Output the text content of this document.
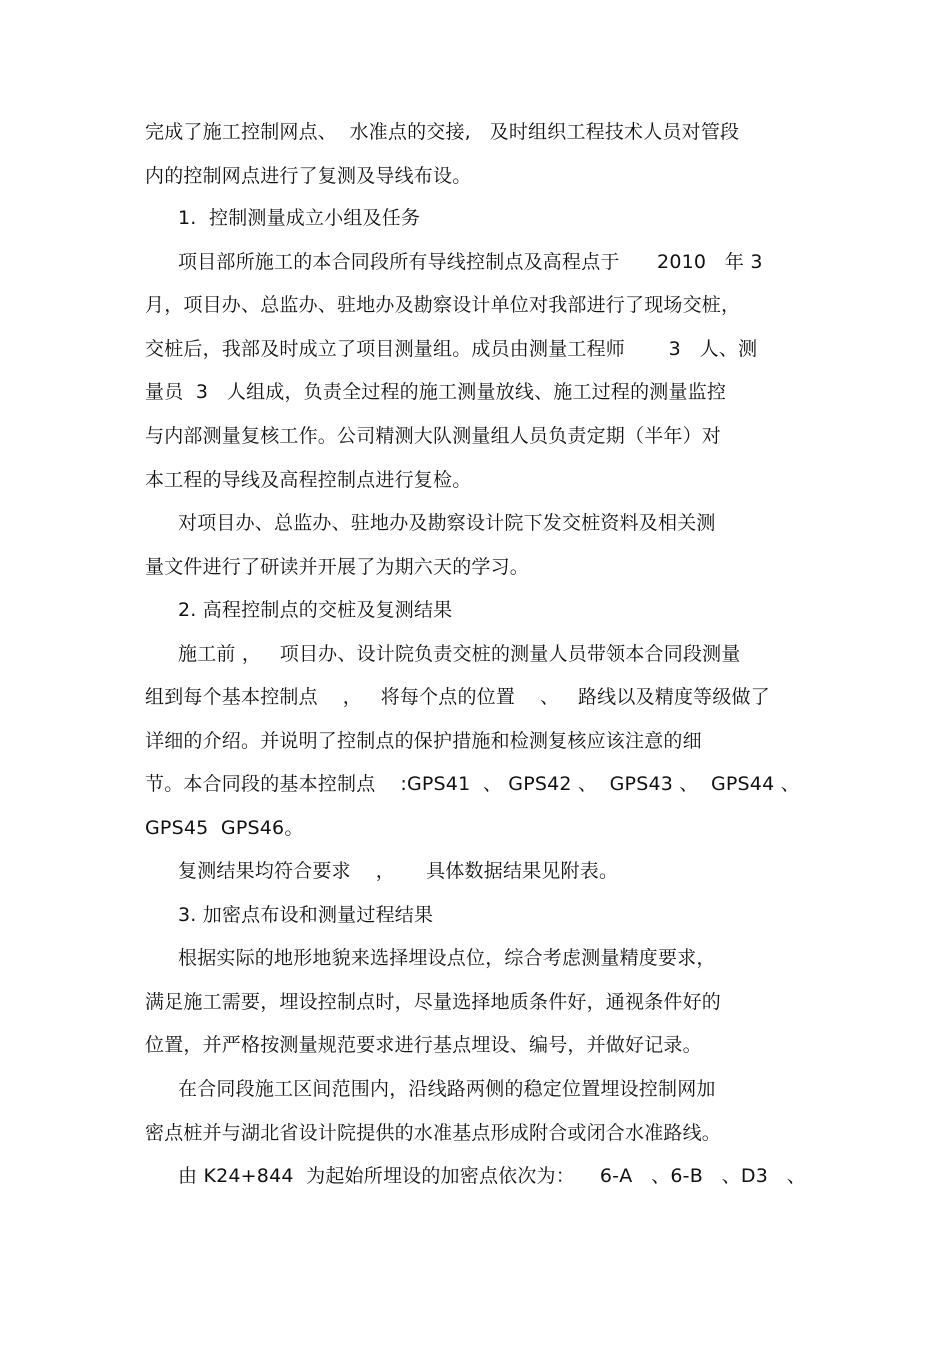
完成了施工控制网点、  水准点的交接,   及时组织工程技术人员对管段
内的控制网点进行了复测及导线布设。
1.  控制测量成立小组及任务
项目部所施工的本合同段所有导线控制点及高程点于      2010   年 3
月，项目办、总监办、驻地办及勘察设计单位对我部进行了现场交桩，
交桩后，我部及时成立了项目测量组。成员由测量工程师       3   人、测
量员  3   人组成，负责全过程的施工测量放线、施工过程的测量监控
与内部测量复核工作。公司精测大队测量组人员负责定期（半年）对
本工程的导线及高程控制点进行复检。
对项目办、总监办、驻地办及勘察设计院下发交桩资料及相关测
量文件进行了研读并开展了为期六天的学习。
2. 高程控制点的交桩及复测结果
施工前 ，   项目办、设计院负责交桩的测量人员带领本合同段测量
组到每个基本控制点    ，   将每个点的位置    、   路线以及精度等级做了
详细的介绍。并说明了控制点的保护措施和检测复核应该注意的细
节。本合同段的基本控制点    :GPS41  、 GPS42 、  GPS43 、  GPS44 、
GPS45  GPS46。
复测结果均符合要求    ，     具体数据结果见附表。
3. 加密点布设和测量过程结果
根据实际的地形地貌来选择埋设点位，综合考虑测量精度要求，
满足施工需要，埋设控制点时，尽量选择地质条件好，通视条件好的
位置，并严格按测量规范要求进行基点埋设、编号，并做好记录。
在合同段施工区间范围内，沿线路两侧的稳定位置埋设控制网加
密点桩并与湖北省设计院提供的水准基点形成附合或闭合水准路线。
由 K24+844  为起始所埋设的加密点依次为：    6-A   、6-B   、D3   、
